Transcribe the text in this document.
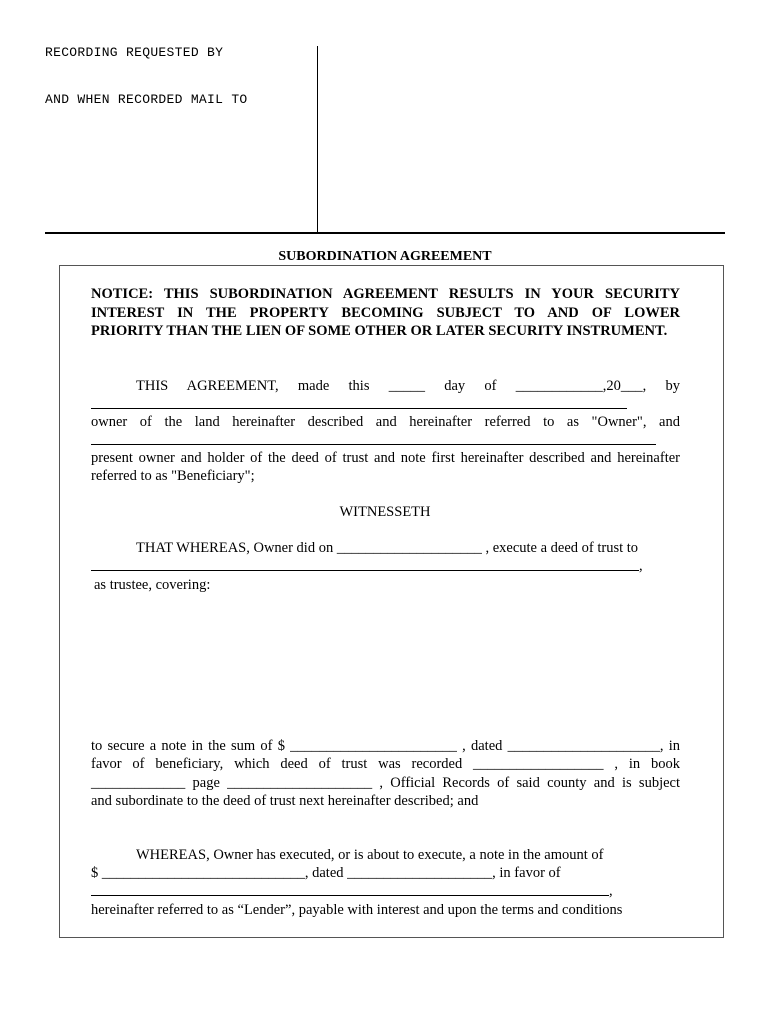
RECORDING REQUESTED BY
AND WHEN RECORDED MAIL TO
SUBORDINATION AGREEMENT
NOTICE: THIS SUBORDINATION AGREEMENT RESULTS IN YOUR SECURITY
INTEREST IN THE PROPERTY BECOMING SUBJECT TO AND OF LOWER
PRIORITY THAN THE LIEN OF SOME OTHER OR LATER SECURITY INSTRUMENT.
THIS AGREEMENT, made this _____ day of ____________,20___, by
owner of the land hereinafter described and hereinafter referred to as "Owner", and
present owner and holder of the deed of trust and note first hereinafter described and hereinafter
referred to as "Beneficiary";
WITNESSETH
THAT WHEREAS, Owner did on ____________________ , execute a deed of trust to
,
as trustee, covering:
to secure a note in the sum of $ _______________________ , dated _____________________, in
favor of beneficiary, which deed of trust was recorded __________________ , in book
_____________ page ____________________ , Official Records of said county and is subject
and subordinate to the deed of trust next hereinafter described; and
WHEREAS, Owner has executed, or is about to execute, a note in the amount of
$ ____________________________, dated ____________________, in favor of
,
hereinafter referred to as “Lender”, payable with interest and upon the terms and conditions
